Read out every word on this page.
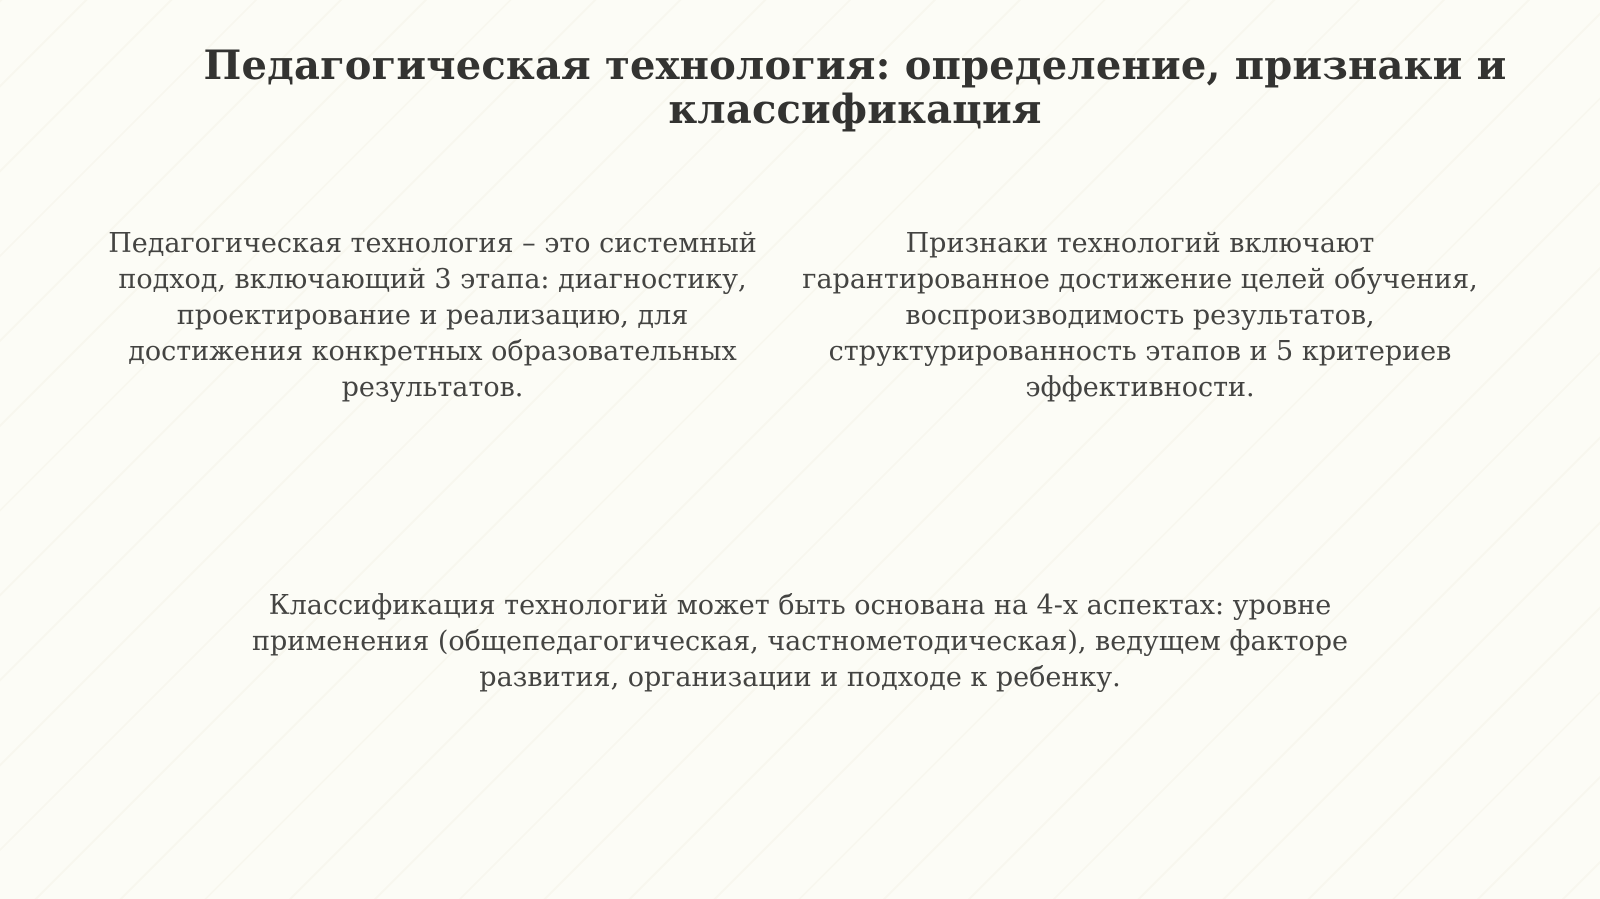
Педагогическая технология: определение, признаки и классификация

Педагогическая технология – это системный подход, включающий 3 этапа: диагностику, проектирование и реализацию, для достижения конкретных образовательных результатов.

Признаки технологий включают гарантированное достижение целей обучения, воспроизводимость результатов, структурированность этапов и 5 критериев эффективности.

Классификация технологий может быть основана на 4-х аспектах: уровне применения (общепедагогическая, частнометодическая), ведущем факторе развития, организации и подходе к ребенку.
